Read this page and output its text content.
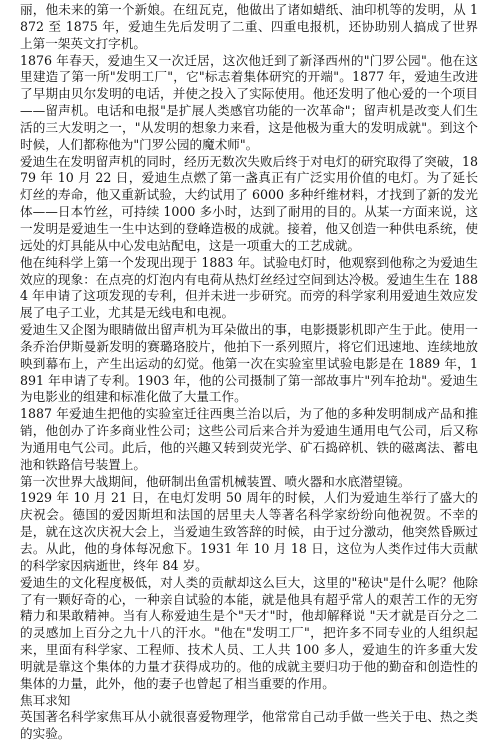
丽，他未来的第一个新娘。在纽瓦克，他做出了诸如蜡纸、油印机等的发明，从 1872 至 1875 年，爱迪生先后发明了二重、四重电报机，还协助别人搞成了世界上第一架英文打字机。

1876 年春天，爱迪生又一次迁居，这次他迁到了新泽西州的"门罗公园"。他在这里建造了第一所"发明工厂"，它"标志着集体研究的开端"。1877 年，爱迪生改进了早期由贝尔发明的电话，并使之投入了实际使用。他还发明了他心爱的一个项目——留声机。电话和电报"是扩展人类感官功能的一次革命"；留声机是改变人们生活的三大发明之一，"从发明的想象力来看，这是他极为重大的发明成就"。到这个时候，人们都称他为"门罗公园的魔术师"。

爱迪生在发明留声机的同时，经历无数次失败后终于对电灯的研究取得了突破，1879 年 10 月 22 日，爱迪生点燃了第一盏真正有广泛实用价值的电灯。为了延长灯丝的寿命，他又重新试验，大约试用了 6000 多种纤维材料，才找到了新的发光体——日本竹丝，可持续 1000 多小时，达到了耐用的目的。从某一方面来说，这一发明是爱迪生一生中达到的登峰造极的成就。接着，他又创造一种供电系统，使远处的灯具能从中心发电站配电，这是一项重大的工艺成就。

他在纯科学上第一个发现出现于 1883 年。试验电灯时，他观察到他称之为爱迪生效应的现象：在点亮的灯泡内有电荷从热灯丝经过空间到达冷极。爱迪生生在 1884 年申请了这项发现的专利，但并未进一步研究。而旁的科学家利用爱迪生效应发展了电子工业，尤其是无线电和电视。

爱迪生又企图为眼睛做出留声机为耳朵做出的事，电影摄影机即产生于此。使用一条乔治伊斯曼新发明的赛璐珞胶片，他拍下一系列照片，将它们迅速地、连续地放映到幕布上，产生出运动的幻觉。他第一次在实验室里试验电影是在 1889 年，1891 年申请了专利。1903 年，他的公司摄制了第一部故事片"列车抢劫"。爱迪生为电影业的组建和标准化做了大量工作。

1887 年爱迪生把他的实验室迁往西奥兰治以后，为了他的多种发明制成产品和推销，他创办了许多商业性公司；这些公司后来合并为爱迪生通用电气公司，后又称为通用电气公司。此后，他的兴趣又转到荧光学、矿石捣碎机、铁的磁离法、蓄电池和铁路信号装置上。

第一次世界大战期间，他研制出鱼雷机械装置、喷火器和水底潜望镜。

1929 年 10 月 21 日，在电灯发明 50 周年的时候，人们为爱迪生举行了盛大的庆祝会。德国的爱因斯坦和法国的居里夫人等著名科学家纷纷向他祝贺。不幸的是，就在这次庆祝大会上，当爱迪生致答辞的时候，由于过分激动，他突然昏厥过去。从此，他的身体每况愈下。1931 年 10 月 18 日，这位为人类作过伟大贡献的科学家因病逝世，终年 84 岁。

爱迪生的文化程度极低，对人类的贡献却这么巨大，这里的"秘诀"是什么呢？他除了有一颗好奇的心，一种亲自试验的本能，就是他具有超乎常人的艰苦工作的无穷精力和果敢精神。当有人称爱迪生是个"天才"时，他却解释说 "天才就是百分之二的灵感加上百分之九十八的汗水。"他在"发明工厂"，把许多不同专业的人组织起来，里面有科学家、工程师、技术人员、工人共 100 多人，爱迪生的许多重大发明就是靠这个集体的力量才获得成功的。他的成就主要归功于他的勤奋和创造性的集体的力量，此外，他的妻子也曾起了相当重要的作用。

焦耳求知

英国著名科学家焦耳从小就很喜爱物理学，他常常自己动手做一些关于电、热之类的实验。
